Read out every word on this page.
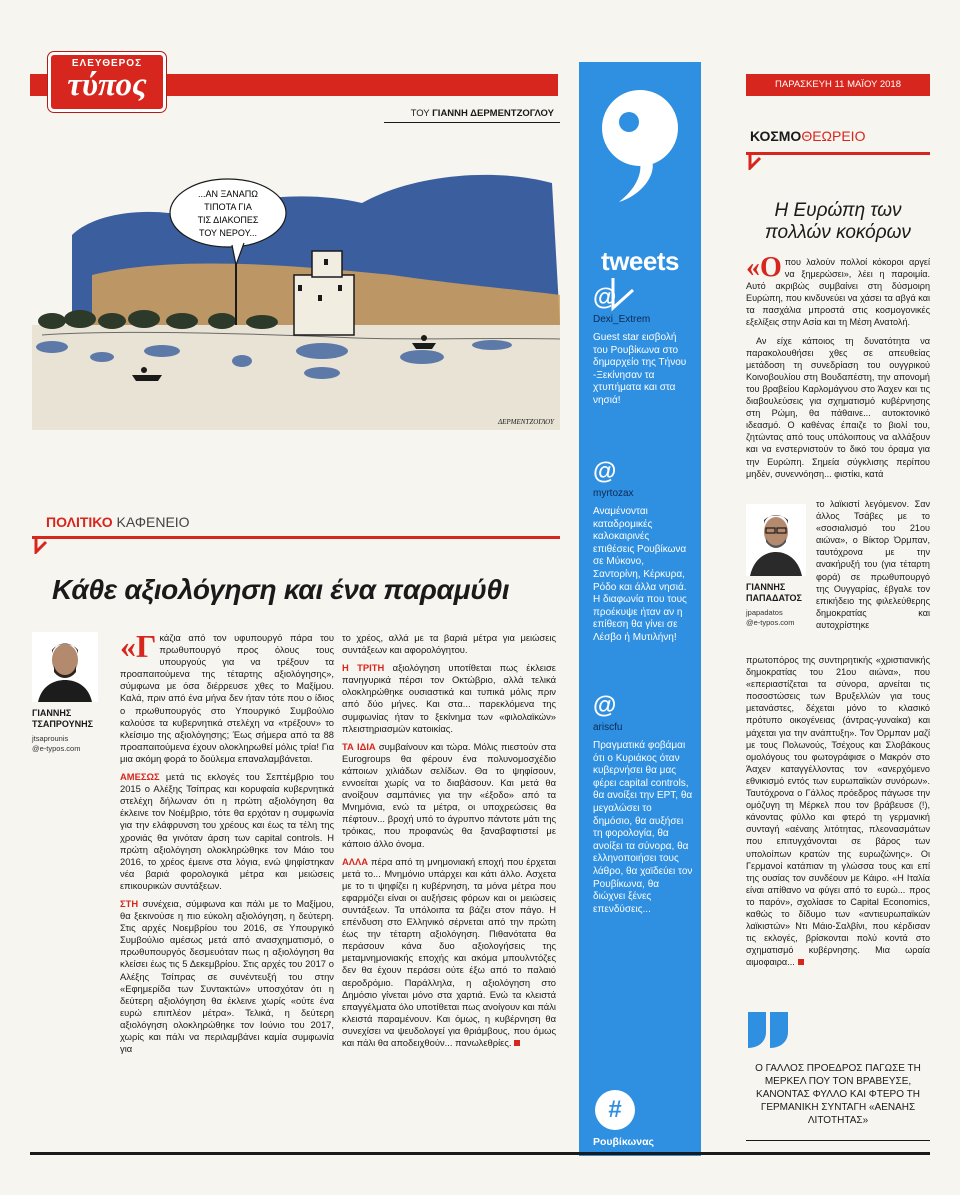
ΕΛΕΥΘΕΡΟΣ
τύπος
ΤΟΥ ΓΙΑΝΝΗ ΔΕΡΜΕΝΤΖΟΓΛΟΥ
...ΑΝ ΞΑΝΑΠΩ
ΤΙΠΟΤΑ ΓΙΑ
ΤΙΣ ΔΙΑΚΟΠΕΣ
ΤΟΥ ΝΕΡΟΥ...
ΔΕΡΜΕΝΤΖΟΓΛΟΥ
ΠΟΛΙΤΙΚΟ ΚΑΦΕΝΕΙΟ
Κάθε αξιολόγηση και ένα παραμύθι
ΓΙΑΝΝΗΣ
ΤΣΑΠΡΟΥΝΗΣ
jtsaprounis
@e-typos.com

«Γκάζια από τον υφυπουργό πάρα του πρωθυπουργό προς όλους τους υπουργούς για να τρέξουν τα προαπαιτούμενα της τέταρτης αξιολόγησης», σύμφωνα με όσα διέρρευσε χθες το Μαξίμου. Καλά, πριν από ένα μήνα δεν ήταν τότε που ο ίδιος ο πρωθυπουργός στο Υπουργικό Συμβούλιο καλούσε τα κυβερνητικά στελέχη να «τρέξουν» το κλείσιμο της αξιολόγησης; Έως σήμερα από τα 88 προαπαιτούμενα έχουν ολοκληρωθεί μόλις τρία! Για μια ακόμη φορά το δούλεμα επαναλαμβάνεται.

ΑΜΕΣΩΣ μετά τις εκλογές του Σεπτέμβριο του 2015 ο Αλέξης Τσίπρας και κορυφαία κυβερνητικά στελέχη δήλωναν ότι η πρώτη αξιολόγηση θα έκλεινε τον Νοέμβριο, τότε θα ερχόταν η συμφωνία για την ελάφρυνση του χρέους και έως τα τέλη της χρονιάς θα γινόταν άρση των capital controls. Η πρώτη αξιολόγηση ολοκληρώθηκε τον Μάιο του 2016, το χρέος έμεινε στα λόγια, ενώ ψηφίστηκαν νέα βαριά φορολογικά μέτρα και μειώσεις επικουρικών συντάξεων.

ΣΤΗ συνέχεια, σύμφωνα και πάλι με το Μαξίμου, θα ξεκινούσε η πιο εύκολη αξιολόγηση, η δεύτερη. Στις αρχές Νοεμβρίου του 2016, σε Υπουργικό Συμβούλιο αμέσως μετά από ανασχηματισμό, ο πρωθυπουργός δεσμευόταν πως η αξιολόγηση θα κλείσει έως τις 5 Δεκεμβρίου. Στις αρχές του 2017 ο Αλέξης Τσίπρας σε συνέντευξή του στην «Εφημερίδα των Συντακτών» υποσχόταν ότι η δεύτερη αξιολόγηση θα έκλεινε χωρίς «ούτε ένα ευρώ επιπλέον μέτρα». Τελικά, η δεύτερη αξιολόγηση ολοκληρώθηκε τον Ιούνιο του 2017, χωρίς και πάλι να περιλαμβάνει καμία συμφωνία για

το χρέος, αλλά με τα βαριά μέτρα για μειώσεις συντάξεων και αφορολόγητου.

Η ΤΡΙΤΗ αξιολόγηση υποτίθεται πως έκλεισε πανηγυρικά πέρσι τον Οκτώβριο, αλλά τελικά ολοκληρώθηκε ουσιαστικά και τυπικά μόλις πριν από δύο μήνες. Και στα... παρεκλόμενα της συμφωνίας ήταν το ξεκίνημα των «φιλολαϊκών» πλειστηριασμών κατοικίας.

ΤΑ ΙΔΙΑ συμβαίνουν και τώρα. Μόλις πιεστούν στα Eurogroups θα φέρουν ένα πολυνομοσχέδιο κάποιων χιλιάδων σελίδων. Θα το ψηφίσουν, εννοείται χωρίς να το διαβάσουν. Και μετά θα ανοίξουν σαμπάνιες για την «έξοδο» από τα Μνημόνια, ενώ τα μέτρα, οι υποχρεώσεις θα πέφτουν... βροχή υπό το άγρυπνο πάντοτε μάτι της τρόικας, που προφανώς θα ξαναβαφτιστεί με κάποιο άλλο όνομα.

ΑΛΛΑ πέρα από τη μνημονιακή εποχή που έρχεται μετά το... Μνημόνιο υπάρχει και κάτι άλλο. Ασχετα με το τι ψηφίζει η κυβέρνηση, τα μόνα μέτρα που εφαρμόζει είναι οι αυξήσεις φόρων και οι μειώσεις συντάξεων. Τα υπόλοιπα τα βάζει στον πάγο. Η επένδυση στο Ελληνικό σέρνεται από την πρώτη έως την τέταρτη αξιολόγηση. Πιθανότατα θα περάσουν κάνα δυο αξιολογήσεις της μεταμνημονιακής εποχής και ακόμα μπουλντόζες δεν θα έχουν περάσει ούτε έξω από το παλαιό αεροδρόμιο. Παράλληλα, η αξιολόγηση στο Δημόσιο γίνεται μόνο στα χαρτιά. Ενώ τα κλειστά επαγγέλματα όλο υποτίθεται πως ανοίγουν και πάλι κλειστά παραμένουν. Και όμως, η κυβέρνηση θα συνεχίσει να ψευδολογεί για θριάμβους, που όμως και πάλι θα αποδειχθούν... πανωλεθρίες.

tweets
@
Dexi_Extrem
Guest star εισβολή του Ρουβίκωνα στο δημαρχείο της Τήνου -Ξεκίνησαν τα χτυπήματα και στα νησιά!
@
myrtozax
Αναμένονται καταδρομικές καλοκαιρινές επιθέσεις Ρουβίκωνα σε Μύκονο, Σαντορίνη, Κέρκυρα, Ρόδο και άλλα νησιά. Η διαφωνία που τους προέκυψε ήταν αν η επίθεση θα γίνει σε Λέσβο ή Μυτιλήνη!
@
ariscfu
Πραγματικά φοβάμαι ότι ο Κυριάκος όταν κυβερνήσει θα μας φέρει capital controls, θα ανοίξει την ΕΡΤ, θα μεγαλώσει το δημόσιο, θα αυξήσει τη φορολογία, θα ανοίξει τα σύνορα, θα ελληνοποιήσει τους λάθρο, θα χαϊδεύει τον Ρουβίκωνα, θα διώχνει ξένες επενδύσεις...
#
Ρουβίκωνας
ΠΑΡΑΣΚΕΥΗ 11 ΜΑΪΟΥ 2018
ΚΟΣΜΟΘΕΩΡΕΙΟ
Η Ευρώπη των
πολλών κοκόρων

«Οπου λαλούν πολλοί κόκοροι αργεί να ξημερώσει», λέει η παροιμία. Αυτό ακριβώς συμβαίνει στη δύσμοιρη Ευρώπη, που κινδυνεύει να χάσει τα αβγά και τα πασχάλια μπροστά στις κοσμογονικές εξελίξεις στην Ασία και τη Μέση Ανατολή.

Αν είχε κάποιος τη δυνατότητα να παρακολουθήσει χθες σε απευθείας μετάδοση τη συνεδρίαση του ουγγρικού Κοινοβουλίου στη Βουδαπέστη, την απονομή του βραβείου Καρλομάγνου στο Άαχεν και τις διαβουλεύσεις για σχηματισμό κυβέρνησης στη Ρώμη, θα πάθαινε... αυτοκτονικό ιδεασμό. Ο καθένας έπαιζε το βιολί του, ζητώντας από τους υπόλοιπους να αλλάξουν και να ενστερνιστούν το δικό του όραμα για την Ευρώπη. Σημεία σύγκλισης περίπου μηδέν, συνεννόηση... φιστίκι, κατά

ΓΙΑΝΝΗΣ
ΠΑΠΑΔΑΤΟΣ
jpapadatos
@e-typos.com

το λαϊκιστί λεγόμενον. Σαν άλλος Τσάβες με το «σοσιαλισμό του 21ου αιώνα», ο Βίκτορ Όρμπαν, ταυτόχρονα με την ανακήρυξή του (για τέταρτη φορά) σε πρωθυπουργό της Ουγγαρίας, έβγαλε τον επικήδειο της φιλελεύθερης δημοκρατίας και αυτοχρίστηκε

πρωτοπόρος της συντηρητικής «χριστιανικής δημοκρατίας του 21ου αιώνα», που «επεριαστίζεται τα σύνορα, αρνείται τις ποσοστώσεις των Βρυξελλών για τους μετανάστες, δέχεται μόνο το κλασικό πρότυπο οικογένειας (άντρας-γυναίκα) και μάχεται για την ανάπτυξη». Τον Όρμπαν μαζί με τους Πολωνούς, Τσέχους και Σλοβάκους ομολόγους του φωτογράφισε ο Μακρόν στο Άαχεν καταγγέλλοντας τον «ανερχόμενο εθνικισμό εντός των ευρωπαϊκών συνόρων». Ταυτόχρονα ο Γάλλος πρόεδρος πάγωσε την ομόζυγη τη Μέρκελ που τον βράβευσε (!), κάνοντας φύλλο και φτερό τη γερμανική συνταγή «αέναης λιτότητας, πλεονασμάτων που επιτυγχάνονται σε βάρος των υπολοίπων κρατών της ευρωζώνης». Οι Γερμανοί κατάπιαν τη γλώσσα τους και επί της ουσίας τον συνδέουν με Κάιρο. «Η Ιταλία είναι απίθανο να φύγει από το ευρώ... προς το παρόν», σχολίασε το Capital Economics, καθώς το δίδυμο των «αντιευρωπαϊκών λαϊκιστών» Ντι Μάιο-Σαλβίνι, που κέρδισαν τις εκλογές, βρίσκονται πολύ κοντά στο σχηματισμό κυβέρνησης. Μια ωραία αιμοφαιρα...

Ο ΓΑΛΛΟΣ ΠΡΟΕΔΡΟΣ ΠΑΓΩΣΕ ΤΗ ΜΕΡΚΕΛ ΠΟΥ ΤΟΝ ΒΡΑΒΕΥΣΕ, ΚΑΝΟΝΤΑΣ ΦΥΛΛΟ ΚΑΙ ΦΤΕΡΟ ΤΗ ΓΕΡΜΑΝΙΚΗ ΣΥΝΤΑΓΗ «ΑΕΝΑΗΣ ΛΙΤΟΤΗΤΑΣ»
